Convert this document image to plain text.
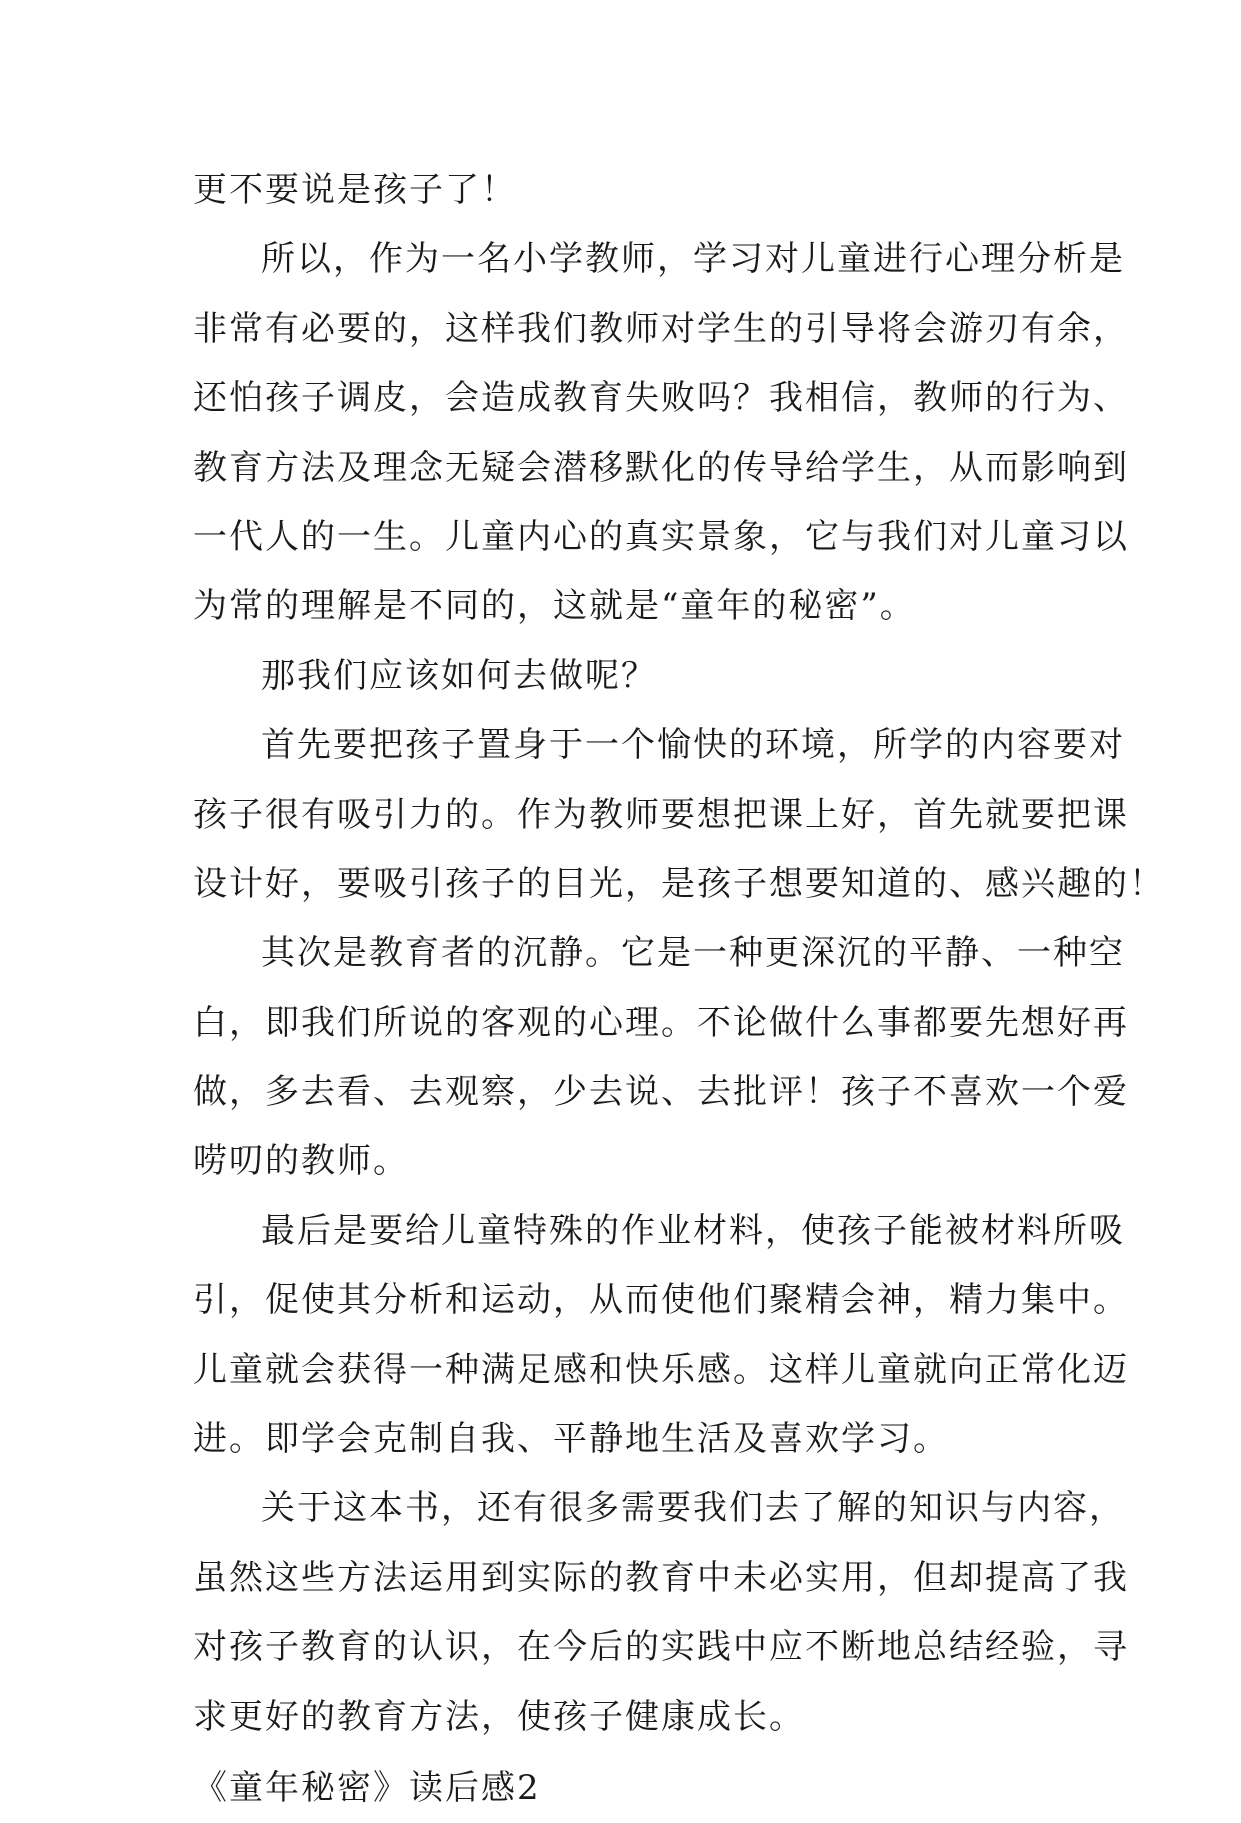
更不要说是孩子了！
所以，作为一名小学教师，学习对儿童进行心理分析是
非常有必要的，这样我们教师对学生的引导将会游刃有余，
还怕孩子调皮，会造成教育失败吗？我相信，教师的行为、
教育方法及理念无疑会潜移默化的传导给学生，从而影响到
一代人的一生。儿童内心的真实景象，它与我们对儿童习以
为常的理解是不同的，这就是“童年的秘密”。
那我们应该如何去做呢？
首先要把孩子置身于一个愉快的环境，所学的内容要对
孩子很有吸引力的。作为教师要想把课上好，首先就要把课
设计好，要吸引孩子的目光，是孩子想要知道的、感兴趣的！
其次是教育者的沉静。它是一种更深沉的平静、一种空
白，即我们所说的客观的心理。不论做什么事都要先想好再
做，多去看、去观察，少去说、去批评！孩子不喜欢一个爱
唠叨的教师。
最后是要给儿童特殊的作业材料，使孩子能被材料所吸
引，促使其分析和运动，从而使他们聚精会神，精力集中。
儿童就会获得一种满足感和快乐感。这样儿童就向正常化迈
进。即学会克制自我、平静地生活及喜欢学习。
关于这本书，还有很多需要我们去了解的知识与内容，
虽然这些方法运用到实际的教育中未必实用，但却提高了我
对孩子教育的认识，在今后的实践中应不断地总结经验，寻
求更好的教育方法，使孩子健康成长。
《童年秘密》读后感2
